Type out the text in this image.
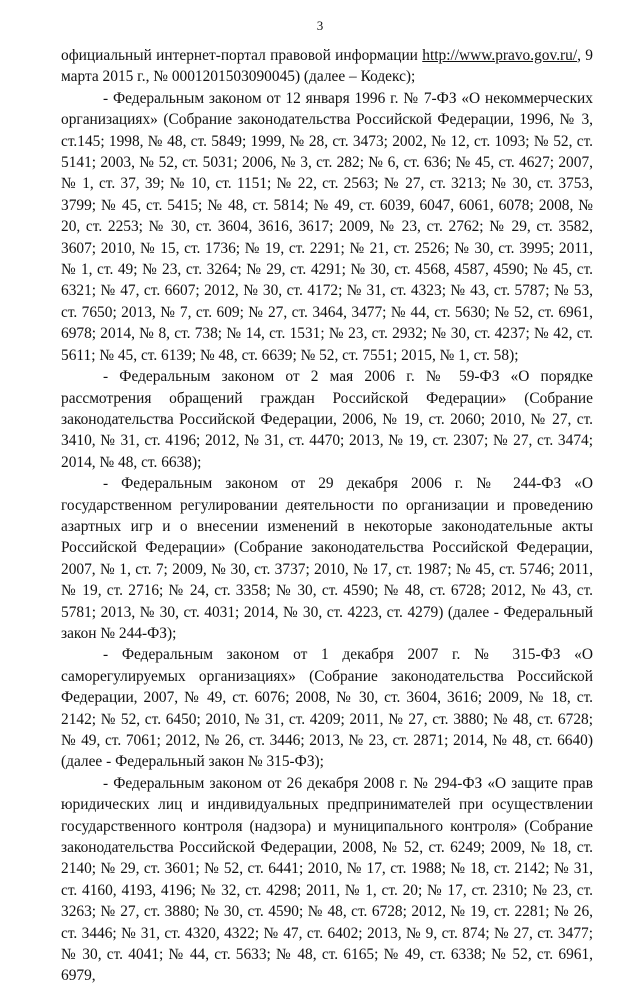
3

официальный интернет-портал правовой информации http://www.pravo.gov.ru/, 9 марта 2015 г., № 0001201503090045) (далее – Кодекс);

- Федеральным законом от 12 января 1996 г. № 7-ФЗ «О некоммерческих организациях» (Собрание законодательства Российской Федерации, 1996, № 3, ст.145; 1998, № 48, ст. 5849; 1999, № 28, ст. 3473; 2002, № 12, ст. 1093; № 52, ст. 5141; 2003, № 52, ст. 5031; 2006, № 3, ст. 282; № 6, ст. 636; № 45, ст. 4627; 2007, № 1, ст. 37, 39; № 10, ст. 1151; № 22, ст. 2563; № 27, ст. 3213; № 30, ст. 3753, 3799; № 45, ст. 5415; № 48, ст. 5814; № 49, ст. 6039, 6047, 6061, 6078; 2008, № 20, ст. 2253; № 30, ст. 3604, 3616, 3617; 2009, № 23, ст. 2762; № 29, ст. 3582, 3607; 2010, № 15, ст. 1736; № 19, ст. 2291; № 21, ст. 2526; № 30, ст. 3995; 2011, № 1, ст. 49; № 23, ст. 3264; № 29, ст. 4291; № 30, ст. 4568, 4587, 4590; № 45, ст. 6321; № 47, ст. 6607; 2012, № 30, ст. 4172; № 31, ст. 4323; № 43, ст. 5787; № 53, ст. 7650; 2013, № 7, ст. 609; № 27, ст. 3464, 3477; № 44, ст. 5630; № 52, ст. 6961, 6978; 2014, № 8, ст. 738; № 14, ст. 1531; № 23, ст. 2932; № 30, ст. 4237; № 42, ст. 5611; № 45, ст. 6139; № 48, ст. 6639; № 52, ст. 7551; 2015, № 1, ст. 58);

- Федеральным законом от 2 мая 2006 г. № 59-ФЗ «О порядке рассмотрения обращений граждан Российской Федерации» (Собрание законодательства Российской Федерации, 2006, № 19, ст. 2060; 2010, № 27, ст. 3410, № 31, ст. 4196; 2012, № 31, ст. 4470; 2013, № 19, ст. 2307; № 27, ст. 3474; 2014, № 48, ст. 6638);

- Федеральным законом от 29 декабря 2006 г. № 244-ФЗ «О государственном регулировании деятельности по организации и проведению азартных игр и о внесении изменений в некоторые законодательные акты Российской Федерации» (Собрание законодательства Российской Федерации, 2007, № 1, ст. 7; 2009, № 30, ст. 3737; 2010, № 17, ст. 1987; № 45, ст. 5746; 2011, № 19, ст. 2716; № 24, ст. 3358; № 30, ст. 4590; № 48, ст. 6728; 2012, № 43, ст. 5781; 2013, № 30, ст. 4031; 2014, № 30, ст. 4223, ст. 4279) (далее - Федеральный закон № 244-ФЗ);

- Федеральным законом от 1 декабря 2007 г. № 315-ФЗ «О саморегулируемых организациях» (Собрание законодательства Российской Федерации, 2007, № 49, ст. 6076; 2008, № 30, ст. 3604, 3616; 2009, № 18, ст. 2142; № 52, ст. 6450; 2010, № 31, ст. 4209; 2011, № 27, ст. 3880; № 48, ст. 6728; № 49, ст. 7061; 2012, № 26, ст. 3446; 2013, № 23, ст. 2871; 2014, № 48, ст. 6640) (далее - Федеральный закон № 315-ФЗ);

- Федеральным законом от 26 декабря 2008 г. № 294-ФЗ «О защите прав юридических лиц и индивидуальных предпринимателей при осуществлении государственного контроля (надзора) и муниципального контроля» (Собрание законодательства Российской Федерации, 2008, № 52, ст. 6249; 2009, № 18, ст. 2140; № 29, ст. 3601; № 52, ст. 6441; 2010, № 17, ст. 1988; № 18, ст. 2142; № 31, ст. 4160, 4193, 4196; № 32, ст. 4298; 2011, № 1, ст. 20; № 17, ст. 2310; № 23, ст. 3263; № 27, ст. 3880; № 30, ст. 4590; № 48, ст. 6728; 2012, № 19, ст. 2281; № 26, ст. 3446; № 31, ст. 4320, 4322; № 47, ст. 6402; 2013, № 9, ст. 874; № 27, ст. 3477; № 30, ст. 4041; № 44, ст. 5633; № 48, ст. 6165; № 49, ст. 6338; № 52, ст. 6961, 6979,
